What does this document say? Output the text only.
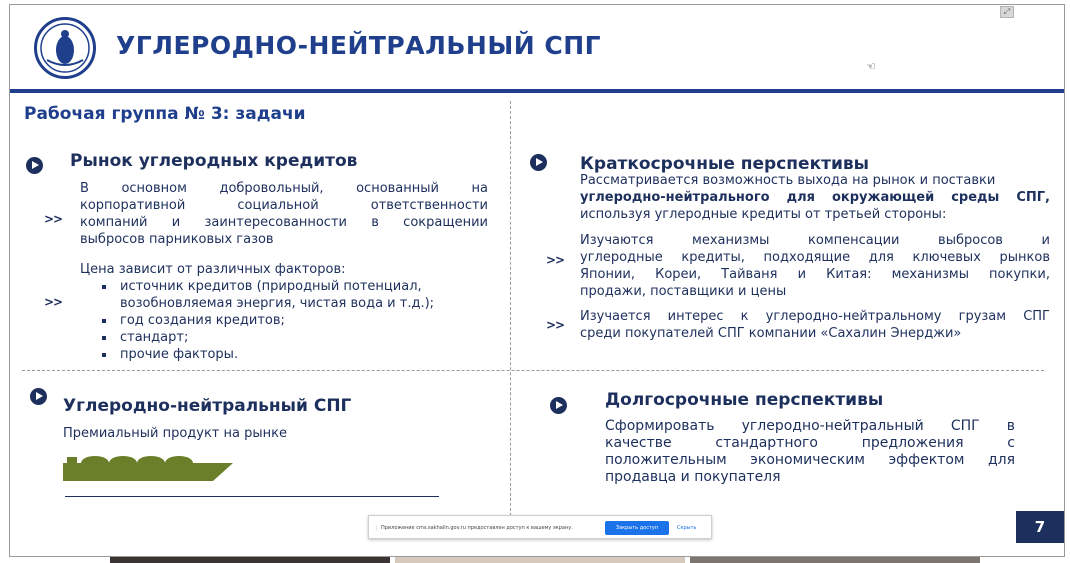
УГЛЕРОДНО-НЕЙТРАЛЬНЫЙ СПГ
☜
⤢
Рабочая группа № 3: задачи
Рынок углеродных кредитов
>>
В основном добровольный, основанный на
корпоративной социальной ответственности
компаний и заинтересованности в сокращении
выбросов парниковых газов
Цена зависит от различных факторов:
>>
источник кредитов (природный потенциал, возобновляемая энергия, чистая вода и т.д.);
год создания кредитов;
стандарт;
прочие факторы.
Краткосрочные перспективы
Рассматривается возможность выхода на рынок и поставки
углеродно-нейтрального для окружающей среды СПГ,
используя углеродные кредиты от третьей стороны:
>>
Изучаются механизмы компенсации выбросов и
углеродные кредиты, подходящие для ключевых рынков
Японии, Кореи, Тайваня и Китая: механизмы покупки,
продажи, поставщики и цены
>>
Изучается интерес к углеродно-нейтральному грузам СПГ
среди покупателей СПГ компании «Сахалин Энерджи»
Углеродно-нейтральный СПГ
Премиальный продукт на рынке
Долгосрочные перспективы
Сформировать углеродно-нейтральный СПГ в
качестве стандартного предложения с
положительным экономическим эффектом для
продавца и покупателя
⋮ Приложение cms.sakhalin.gov.ru предоставлен доступ к вашему экрану.	Закрыть доступ	Скрыть	7
